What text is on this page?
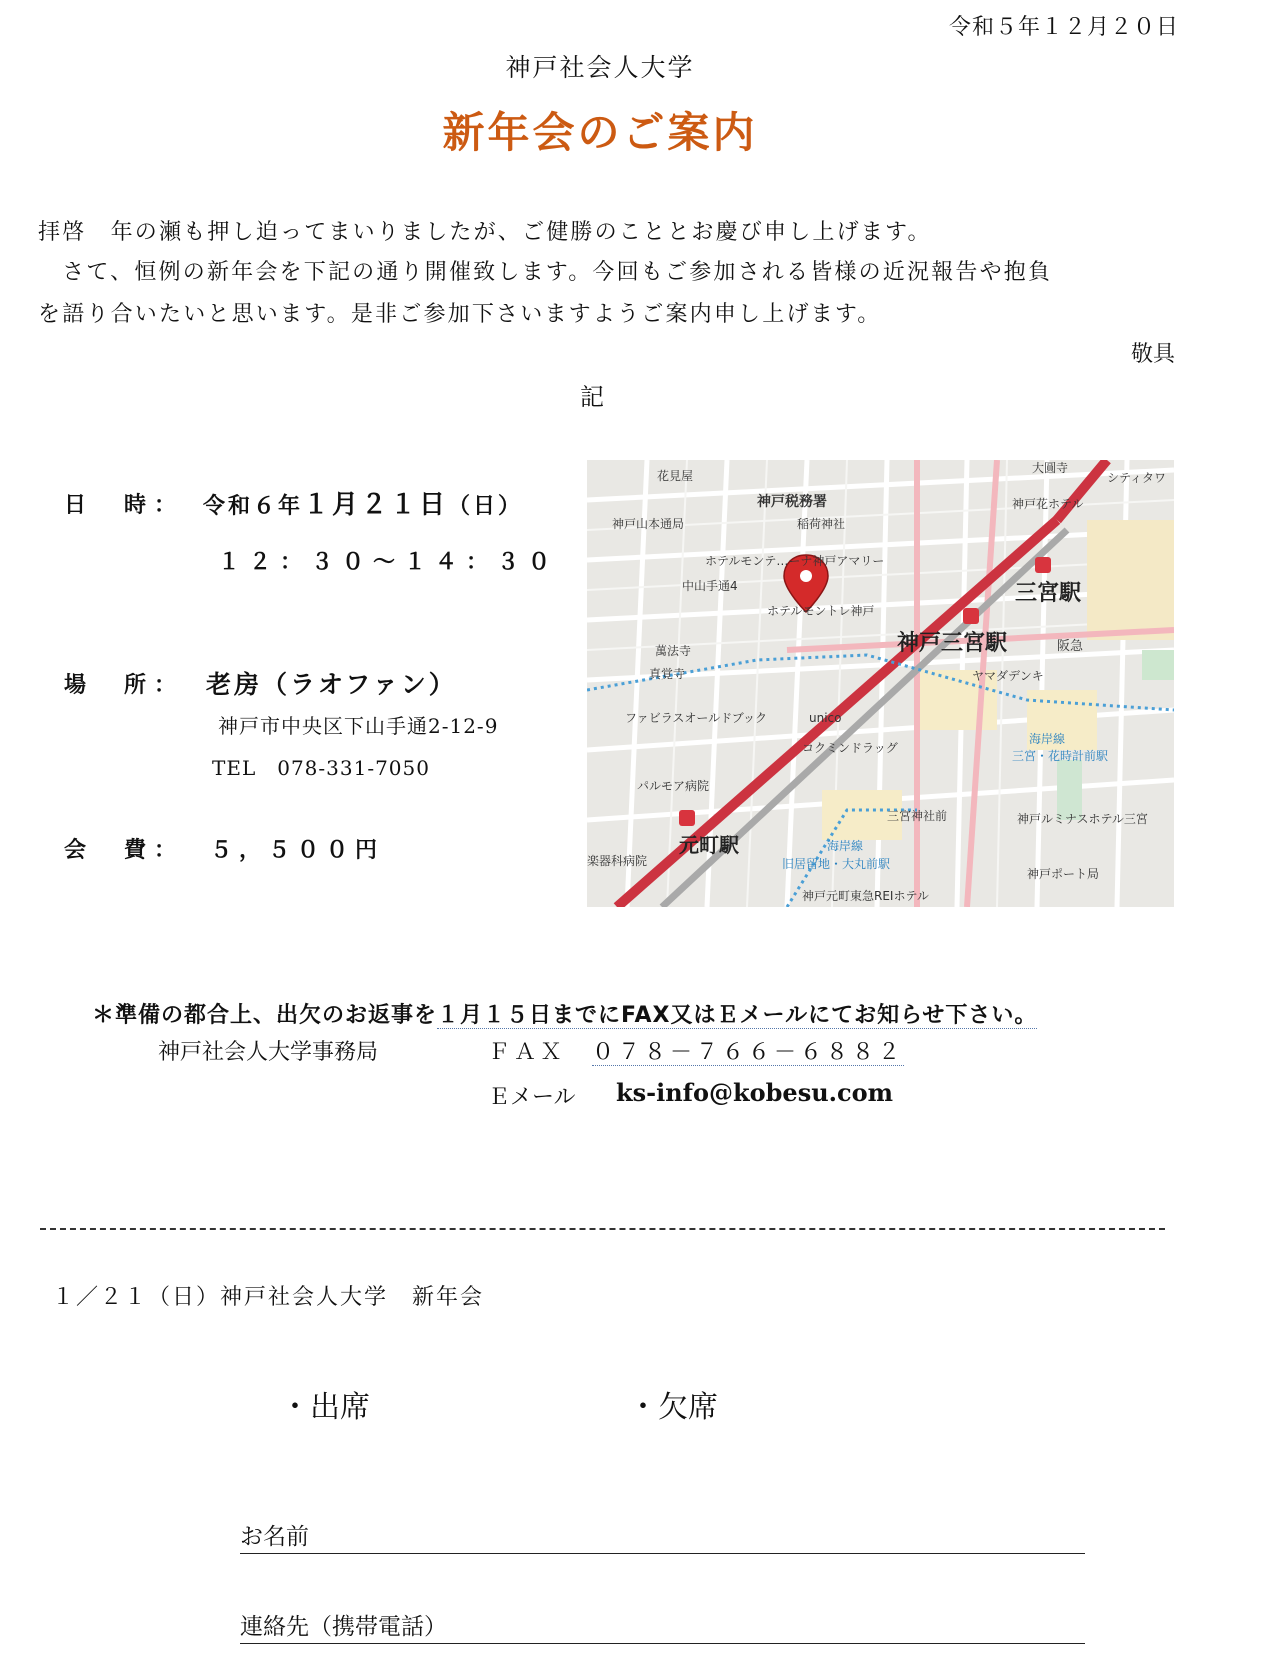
令和５年１２月２０日
神戸社会人大学
新年会のご案内
拝啓　年の瀬も押し迫ってまいりましたが、ご健勝のこととお慶び申し上げます。
　さて、恒例の新年会を下記の通り開催致します。今回もご参加される皆様の近況報告や抱負
を語り合いたいと思います。是非ご参加下さいますようご案内申し上げます。
敬具
記
日　時： 令和６年１月２１日（日）
１２：３０～１４：３０
場　所： 老房（ラオファン）
神戸市中央区下山手通2-12-9
TEL　078-331-7050
会　費： ５，５００円
花見屋
神戸山本通局
神戸税務署
稲荷神社
大圓寺
シティタワ
神戸花ホテル
ホテルモンテ…ーナ神戸アマリー
中山手通4
ホテルモントレ神戸
三宮駅
神戸三宮駅	阪急
萬法寺
真覚寺	ヤマダデンキ
ファビラスオールドブック	unico
海岸線
三宮・花時計前駅
コクミンドラッグ
パルモア病院
三宮神社前	神戸ルミナスホテル三宮
元町駅	海岸線
旧居留地・大丸前駅
神戸ポート局
楽器科病院
神戸元町東急REIホテル
＊準備の都合上、出欠のお返事を１月１５日までにFAX又はＥメールにてお知らせ下さい。
神戸社会人大学事務局	ＦＡＸ　 ０７８－７６６－６８８２
Ｅメール ks-info@kobesu.com
１／２１（日）神戸社会人大学　新年会
・出席	・欠席
お名前
連絡先（携帯電話）
